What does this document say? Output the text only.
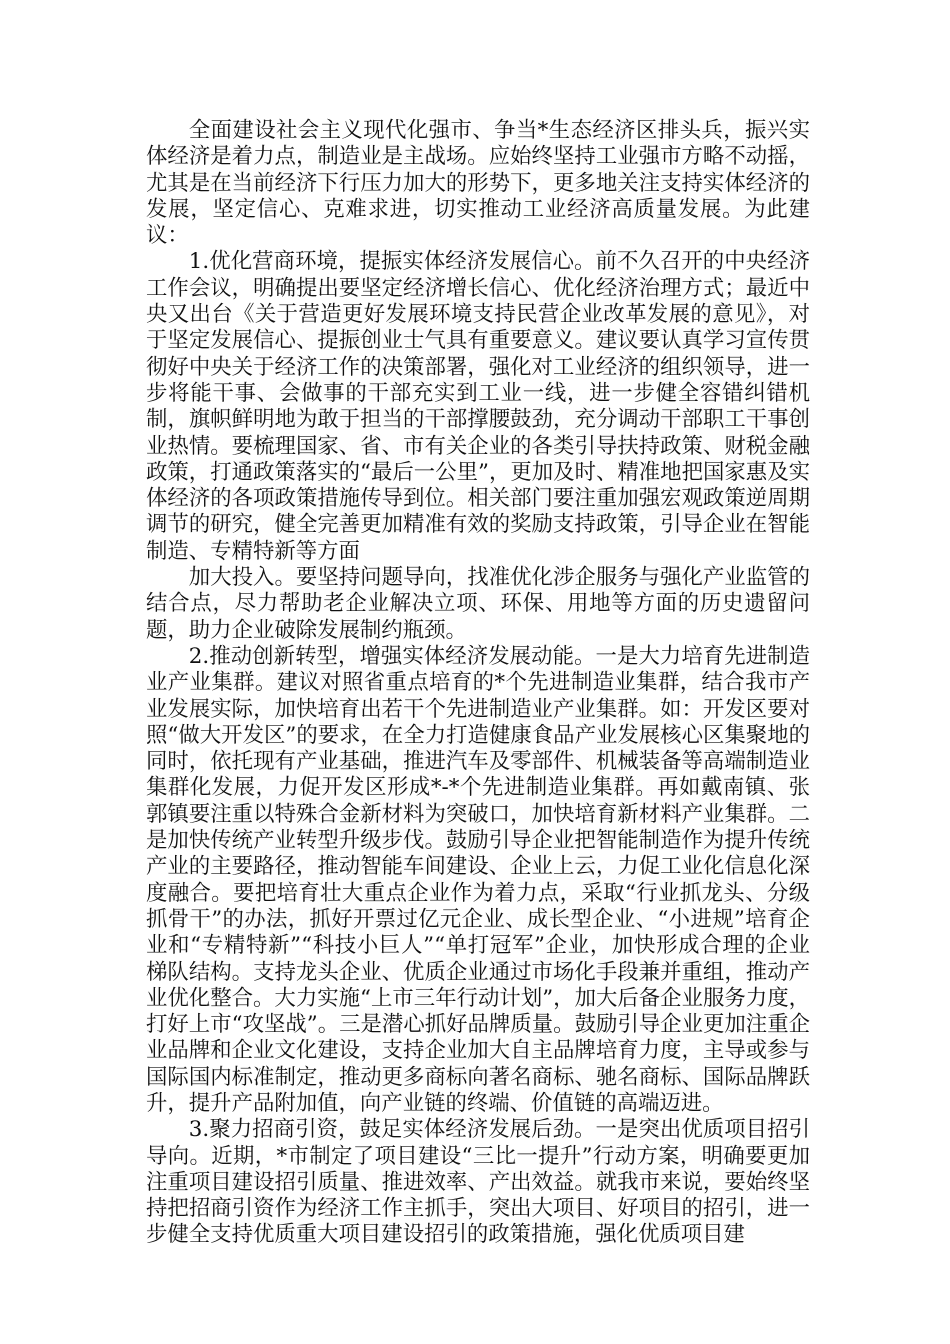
全面建设社会主义现代化强市、争当*生态经济区排头兵，振兴实体经济是着力点，制造业是主战场。应始终坚持工业强市方略不动摇，尤其是在当前经济下行压力加大的形势下，更多地关注支持实体经济的发展，坚定信心、克难求进，切实推动工业经济高质量发展。为此建议：

1.优化营商环境，提振实体经济发展信心。前不久召开的中央经济工作会议，明确提出要坚定经济增长信心、优化经济治理方式；最近中央又出台《关于营造更好发展环境支持民营企业改革发展的意见》，对于坚定发展信心、提振创业士气具有重要意义。建议要认真学习宣传贯彻好中央关于经济工作的决策部署，强化对工业经济的组织领导，进一步将能干事、会做事的干部充实到工业一线，进一步健全容错纠错机制，旗帜鲜明地为敢于担当的干部撑腰鼓劲，充分调动干部职工干事创业热情。要梳理国家、省、市有关企业的各类引导扶持政策、财税金融政策，打通政策落实的“最后一公里”，更加及时、精准地把国家惠及实体经济的各项政策措施传导到位。相关部门要注重加强宏观政策逆周期调节的研究，健全完善更加精准有效的奖励支持政策，引导企业在智能制造、专精特新等方面

加大投入。要坚持问题导向，找准优化涉企服务与强化产业监管的结合点，尽力帮助老企业解决立项、环保、用地等方面的历史遗留问题，助力企业破除发展制约瓶颈。

2.推动创新转型，增强实体经济发展动能。一是大力培育先进制造业产业集群。建议对照省重点培育的*个先进制造业集群，结合我市产业发展实际，加快培育出若干个先进制造业产业集群。如：开发区要对照“做大开发区”的要求，在全力打造健康食品产业发展核心区集聚地的同时，依托现有产业基础，推进汽车及零部件、机械装备等高端制造业集群化发展，力促开发区形成*-*个先进制造业集群。再如戴南镇、张郭镇要注重以特殊合金新材料为突破口，加快培育新材料产业集群。二是加快传统产业转型升级步伐。鼓励引导企业把智能制造作为提升传统产业的主要路径，推动智能车间建设、企业上云，力促工业化信息化深度融合。要把培育壮大重点企业作为着力点，采取“行业抓龙头、分级抓骨干”的办法，抓好开票过亿元企业、成长型企业、“小进规”培育企业和“专精特新”“科技小巨人”“单打冠军”企业，加快形成合理的企业梯队结构。支持龙头企业、优质企业通过市场化手段兼并重组，推动产业优化整合。大力实施“上市三年行动计划”，加大后备企业服务力度，打好上市“攻坚战”。三是潜心抓好品牌质量。鼓励引导企业更加注重企业品牌和企业文化建设，支持企业加大自主品牌培育力度，主导或参与国际国内标准制定，推动更多商标向著名商标、驰名商标、国际品牌跃升，提升产品附加值，向产业链的终端、价值链的高端迈进。

3.聚力招商引资，鼓足实体经济发展后劲。一是突出优质项目招引导向。近期，*市制定了项目建设“三比一提升”行动方案，明确要更加注重项目建设招引质量、推进效率、产出效益。就我市来说，要始终坚持把招商引资作为经济工作主抓手，突出大项目、好项目的招引，进一步健全支持优质重大项目建设招引的政策措施，强化优质项目建
